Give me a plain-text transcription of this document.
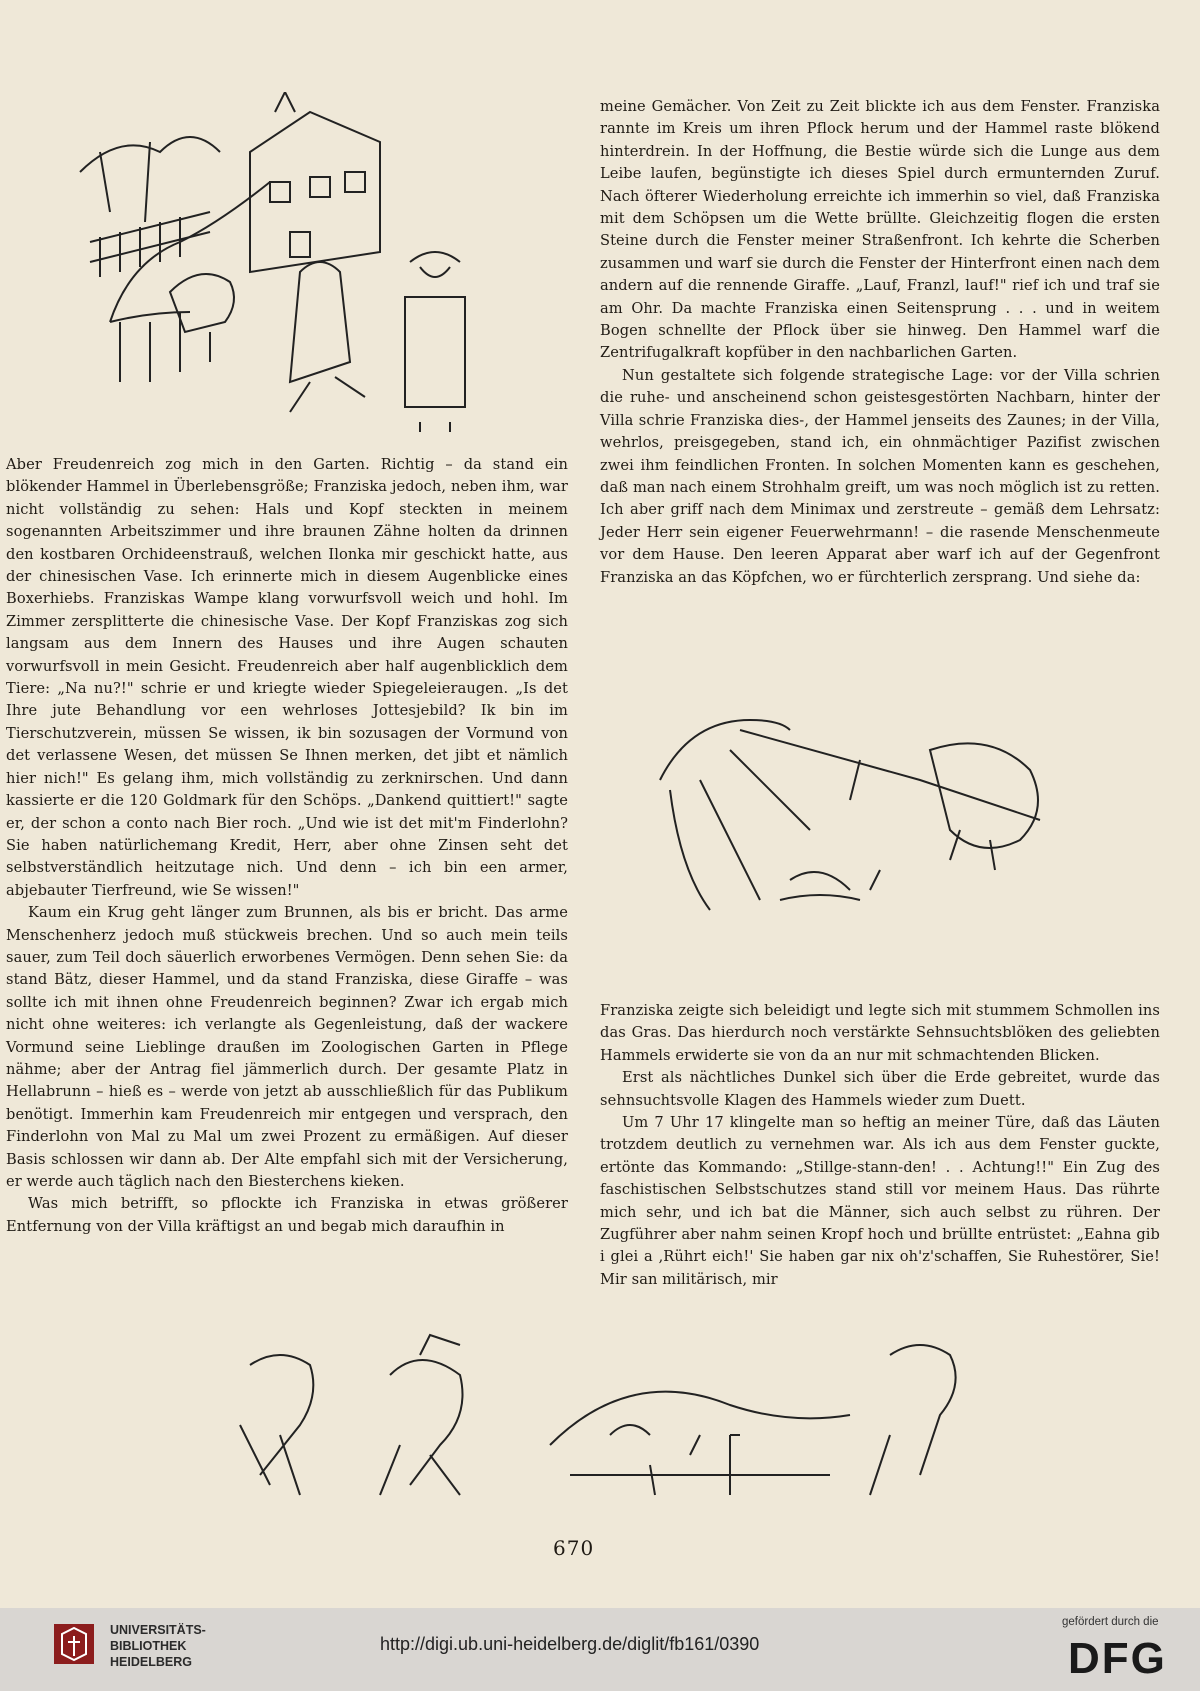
Aber Freudenreich zog mich in den Garten. Richtig – da stand ein blökender Hammel in Überlebensgröße; Franziska jedoch, neben ihm, war nicht vollständig zu sehen: Hals und Kopf steckten in meinem sogenannten Arbeitszimmer und ihre braunen Zähne holten da drinnen den kostbaren Orchideenstrauß, welchen Ilonka mir geschickt hatte, aus der chinesischen Vase. Ich erinnerte mich in diesem Augenblicke eines Boxerhiebs. Franziskas Wampe klang vorwurfsvoll weich und hohl. Im Zimmer zersplitterte die chinesische Vase. Der Kopf Franziskas zog sich langsam aus dem Innern des Hauses und ihre Augen schauten vorwurfsvoll in mein Gesicht. Freudenreich aber half augenblicklich dem Tiere: „Na nu?!" schrie er und kriegte wieder Spiegeleieraugen. „Is det Ihre jute Behandlung vor een wehrloses Jottesjebild? Ik bin im Tierschutzverein, müssen Se wissen, ik bin sozusagen der Vormund von det verlassene Wesen, det müssen Se Ihnen merken, det jibt et nämlich hier nich!" Es gelang ihm, mich vollständig zu zerknirschen. Und dann kassierte er die 120 Goldmark für den Schöps. „Dankend quittiert!" sagte er, der schon a conto nach Bier roch. „Und wie ist det mit'm Finderlohn? Sie haben natürlichemang Kredit, Herr, aber ohne Zinsen seht det selbstverständlich heitzutage nich. Und denn – ich bin een armer, abjebauter Tierfreund, wie Se wissen!"

Kaum ein Krug geht länger zum Brunnen, als bis er bricht. Das arme Menschenherz jedoch muß stückweis brechen. Und so auch mein teils sauer, zum Teil doch säuerlich erworbenes Vermögen. Denn sehen Sie: da stand Bätz, dieser Hammel, und da stand Franziska, diese Giraffe – was sollte ich mit ihnen ohne Freudenreich beginnen? Zwar ich ergab mich nicht ohne weiteres: ich verlangte als Gegenleistung, daß der wackere Vormund seine Lieblinge draußen im Zoologischen Garten in Pflege nähme; aber der Antrag fiel jämmerlich durch. Der gesamte Platz in Hellabrunn – hieß es – werde von jetzt ab ausschließlich für das Publikum benötigt. Immerhin kam Freudenreich mir entgegen und versprach, den Finderlohn von Mal zu Mal um zwei Prozent zu ermäßigen. Auf dieser Basis schlossen wir dann ab. Der Alte empfahl sich mit der Versicherung, er werde auch täglich nach den Biesterchens kieken.

Was mich betrifft, so pflockte ich Franziska in etwas größerer Entfernung von der Villa kräftigst an und begab mich daraufhin in

meine Gemächer. Von Zeit zu Zeit blickte ich aus dem Fenster. Franziska rannte im Kreis um ihren Pflock herum und der Hammel raste blökend hinterdrein. In der Hoffnung, die Bestie würde sich die Lunge aus dem Leibe laufen, begünstigte ich dieses Spiel durch ermunternden Zuruf. Nach öfterer Wiederholung erreichte ich immerhin so viel, daß Franziska mit dem Schöpsen um die Wette brüllte. Gleichzeitig flogen die ersten Steine durch die Fenster meiner Straßenfront. Ich kehrte die Scherben zusammen und warf sie durch die Fenster der Hinterfront einen nach dem andern auf die rennende Giraffe. „Lauf, Franzl, lauf!" rief ich und traf sie am Ohr. Da machte Franziska einen Seitensprung . . . und in weitem Bogen schnellte der Pflock über sie hinweg. Den Hammel warf die Zentrifugalkraft kopfüber in den nachbarlichen Garten.

Nun gestaltete sich folgende strategische Lage: vor der Villa schrien die ruhe- und anscheinend schon geistesgestörten Nachbarn, hinter der Villa schrie Franziska dies-, der Hammel jenseits des Zaunes; in der Villa, wehrlos, preisgegeben, stand ich, ein ohnmächtiger Pazifist zwischen zwei ihm feindlichen Fronten. In solchen Momenten kann es geschehen, daß man nach einem Strohhalm greift, um was noch möglich ist zu retten. Ich aber griff nach dem Minimax und zerstreute – gemäß dem Lehrsatz: Jeder Herr sein eigener Feuerwehrmann! – die rasende Menschenmeute vor dem Hause. Den leeren Apparat aber warf ich auf der Gegenfront Franziska an das Köpfchen, wo er fürchterlich zersprang. Und siehe da:

Franziska zeigte sich beleidigt und legte sich mit stummem Schmollen ins das Gras. Das hierdurch noch verstärkte Sehnsuchtsblöken des geliebten Hammels erwiderte sie von da an nur mit schmachtenden Blicken.

Erst als nächtliches Dunkel sich über die Erde gebreitet, wurde das sehnsuchtsvolle Klagen des Hammels wieder zum Duett.

Um 7 Uhr 17 klingelte man so heftig an meiner Türe, daß das Läuten trotzdem deutlich zu vernehmen war. Als ich aus dem Fenster guckte, ertönte das Kommando: „Stillge-stann-den! . . Achtung!!" Ein Zug des faschistischen Selbstschutzes stand still vor meinem Haus. Das rührte mich sehr, und ich bat die Männer, sich auch selbst zu rühren. Der Zugführer aber nahm seinen Kropf hoch und brüllte entrüstet: „Eahna gib i glei a ‚Rührt eich!' Sie haben gar nix oh'z'schaffen, Sie Ruhestörer, Sie! Mir san militärisch, mir

670
UNIVERSITÄTS-
BIBLIOTHEK
HEIDELBERG
http://digi.ub.uni-heidelberg.de/diglit/fb161/0390
gefördert durch die
DFG
